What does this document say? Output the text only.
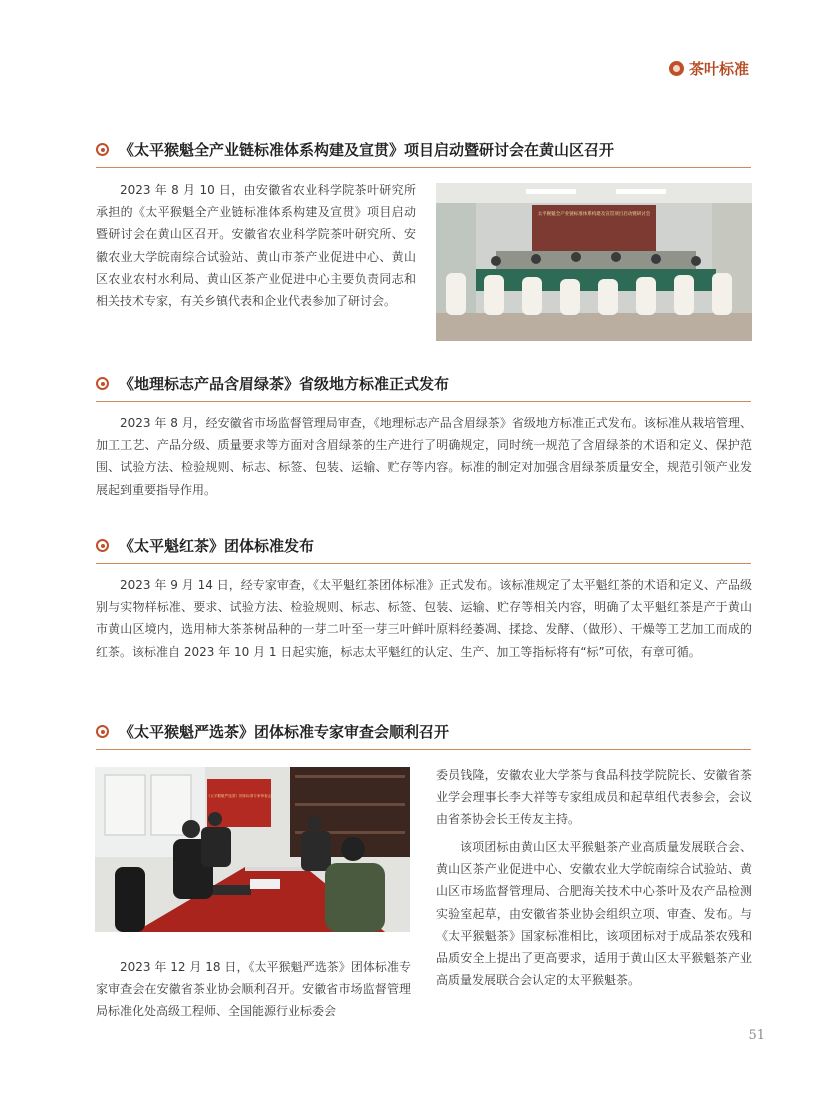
茶叶标准
《太平猴魁全产业链标准体系构建及宣贯》项目启动暨研讨会在黄山区召开

2023 年 8 月 10 日，由安徽省农业科学院茶叶研究所承担的《太平猴魁全产业链标准体系构建及宣贯》项目启动暨研讨会在黄山区召开。安徽省农业科学院茶叶研究所、安徽农业大学皖南综合试验站、黄山市茶产业促进中心、黄山区农业农村水利局、黄山区茶产业促进中心主要负责同志和相关技术专家，有关乡镇代表和企业代表参加了研讨会。

太平猴魁全产业链标准体系构建及宣贯项目启动暨研讨会
《地理标志产品含眉绿茶》省级地方标准正式发布

2023 年 8 月，经安徽省市场监督管理局审查，《地理标志产品含眉绿茶》省级地方标准正式发布。该标准从栽培管理、加工工艺、产品分级、质量要求等方面对含眉绿茶的生产进行了明确规定，同时统一规范了含眉绿茶的术语和定义、保护范围、试验方法、检验规则、标志、标签、包装、运输、贮存等内容。标准的制定对加强含眉绿茶质量安全，规范引领产业发展起到重要指导作用。

《太平魁红茶》团体标准发布

2023 年 9 月 14 日，经专家审查，《太平魁红茶团体标准》正式发布。该标准规定了太平魁红茶的术语和定义、产品级别与实物样标准、要求、试验方法、检验规则、标志、标签、包装、运输、贮存等相关内容，明确了太平魁红茶是产于黄山市黄山区境内，选用柿大茶茶树品种的一芽二叶至一芽三叶鲜叶原料经萎凋、揉捻、发酵、（做形）、干燥等工艺加工而成的红茶。该标准自 2023 年 10 月 1 日起实施，标志太平魁红的认定、生产、加工等指标将有“标”可依，有章可循。

《太平猴魁严选茶》团体标准专家审查会顺利召开
《太平猴魁严选茶》团体标准专家审查会

2023 年 12 月 18 日，《太平猴魁严选茶》团体标准专家审查会在安徽省茶业协会顺利召开。安徽省市场监督管理局标准化处高级工程师、全国能源行业标委会

委员钱隆，安徽农业大学茶与食品科技学院院长、安徽省茶业学会理事长李大祥等专家组成员和起草组代表参会，会议由省茶协会长王传友主持。

该项团标由黄山区太平猴魁茶产业高质量发展联合会、黄山区茶产业促进中心、安徽农业大学皖南综合试验站、黄山区市场监督管理局、合肥海关技术中心茶叶及农产品检测实验室起草，由安徽省茶业协会组织立项、审查、发布。与《太平猴魁茶》国家标准相比，该项团标对于成品茶农残和品质安全上提出了更高要求，适用于黄山区太平猴魁茶产业高质量发展联合会认定的太平猴魁茶。

51
